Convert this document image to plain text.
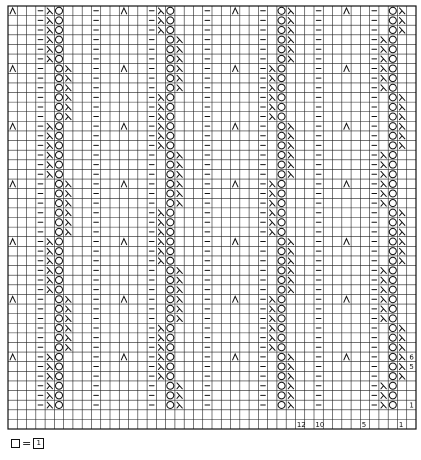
1
5
6
1
5
10
12
= 1
